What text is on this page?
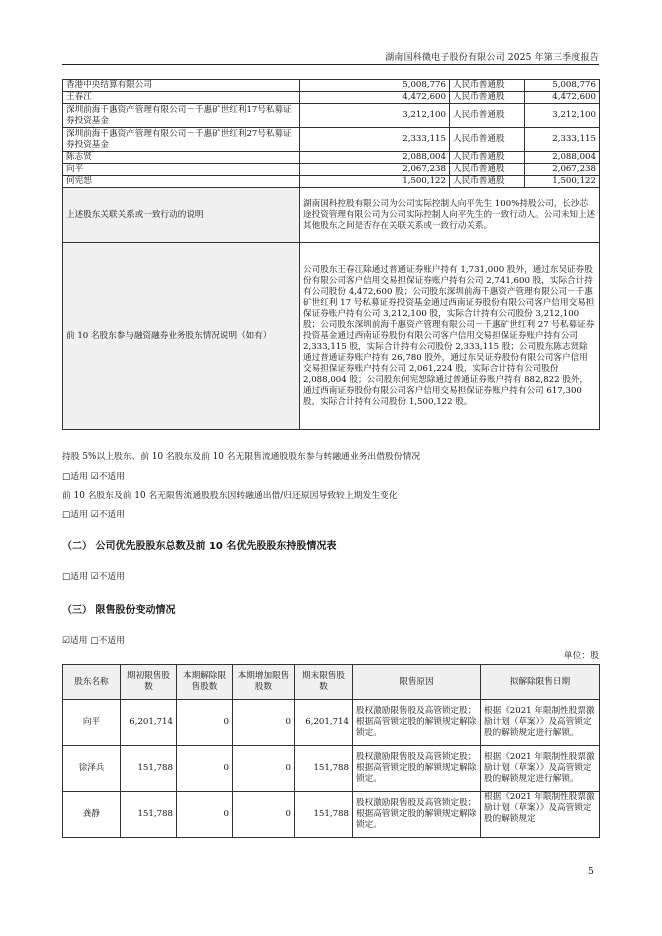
湖南国科微电子股份有限公司 2025 年第三季度报告
香港中央结算有限公司	5,008,776	人民币普通股	5,008,776
王春江	4,472,600	人民币普通股	4,472,600
深圳前海千惠资产管理有限公司－千惠矿世红利17号私募证券投资基金	3,212,100	人民币普通股	3,212,100
深圳前海千惠资产管理有限公司－千惠矿世红利27号私募证券投资基金	2,333,115	人民币普通股	2,333,115
陈志贤	2,088,004	人民币普通股	2,088,004
向平	2,067,238	人民币普通股	2,067,238
何宪恕	1,500,122	人民币普通股	1,500,122
上述股东关联关系或一致行动的说明	湖南国科控股有限公司为公司实际控制人向平先生 100%持股公司，长沙芯途投资管理有限公司为公司实际控制人向平先生的一致行动人。公司未知上述其他股东之间是否存在关联关系或一致行动关系。		
前 10 名股东参与融资融券业务股东情况说明（如有）	公司股东王春江除通过普通证券账户持有 1,731,000 股外，通过东吴证券股份有限公司客户信用交易担保证券账户持有公司 2,741,600 股，实际合计持有公司股份 4,472,600 股；公司股东深圳前海千惠资产管理有限公司－千惠矿世红利 17 号私募证券投资基金通过西南证券股份有限公司客户信用交易担保证券账户持有公司 3,212,100 股，实际合计持有公司股份 3,212,100 股；公司股东深圳前海千惠资产管理有限公司－千惠矿世红利 27 号私募证券投资基金通过西南证券股份有限公司客户信用交易担保证券账户持有公司 2,333,115 股，实际合计持有公司股份 2,333,115 股；公司股东陈志贤除通过普通证券账户持有 26,780 股外，通过东吴证券股份有限公司客户信用交易担保证券账户持有公司 2,061,224 股，实际合计持有公司股份 2,088,004 股；公司股东何宪恕除通过普通证券账户持有 882,822 股外，通过西南证券股份有限公司客户信用交易担保证券账户持有公司 617,300 股，实际合计持有公司股份 1,500,122 股。		
持股 5%以上股东、前 10 名股东及前 10 名无限售流通股股东参与转融通业务出借股份情况
□适用 ☑不适用
前 10 名股东及前 10 名无限售流通股股东因转融通出借/归还原因导致较上期发生变化
□适用 ☑不适用
（二） 公司优先股股东总数及前 10 名优先股股东持股情况表
□适用 ☑不适用
（三） 限售股份变动情况
☑适用 □不适用
单位：股
股东名称	期初限售股数	本期解除限售股数	本期增加限售股数	期末限售股数	限售原因	拟解除限售日期
向平	6,201,714	0	0	6,201,714	股权激励限售股及高管锁定股；根据高管锁定股的解锁规定解除锁定。	根据《2021 年限制性股票激励计划（草案）》及高管锁定股的解锁规定进行解锁。
徐泽兵	151,788	0	0	151,788	股权激励限售股及高管锁定股；根据高管锁定股的解锁规定解除锁定。	根据《2021 年限制性股票激励计划（草案）》及高管锁定股的解锁规定进行解锁。
龚静	151,788	0	0	151,788	股权激励限售股及高管锁定股；根据高管锁定股的解锁规定解除锁定。	根据《2021 年限制性股票激励计划（草案）》及高管锁定股的解锁规定
5
